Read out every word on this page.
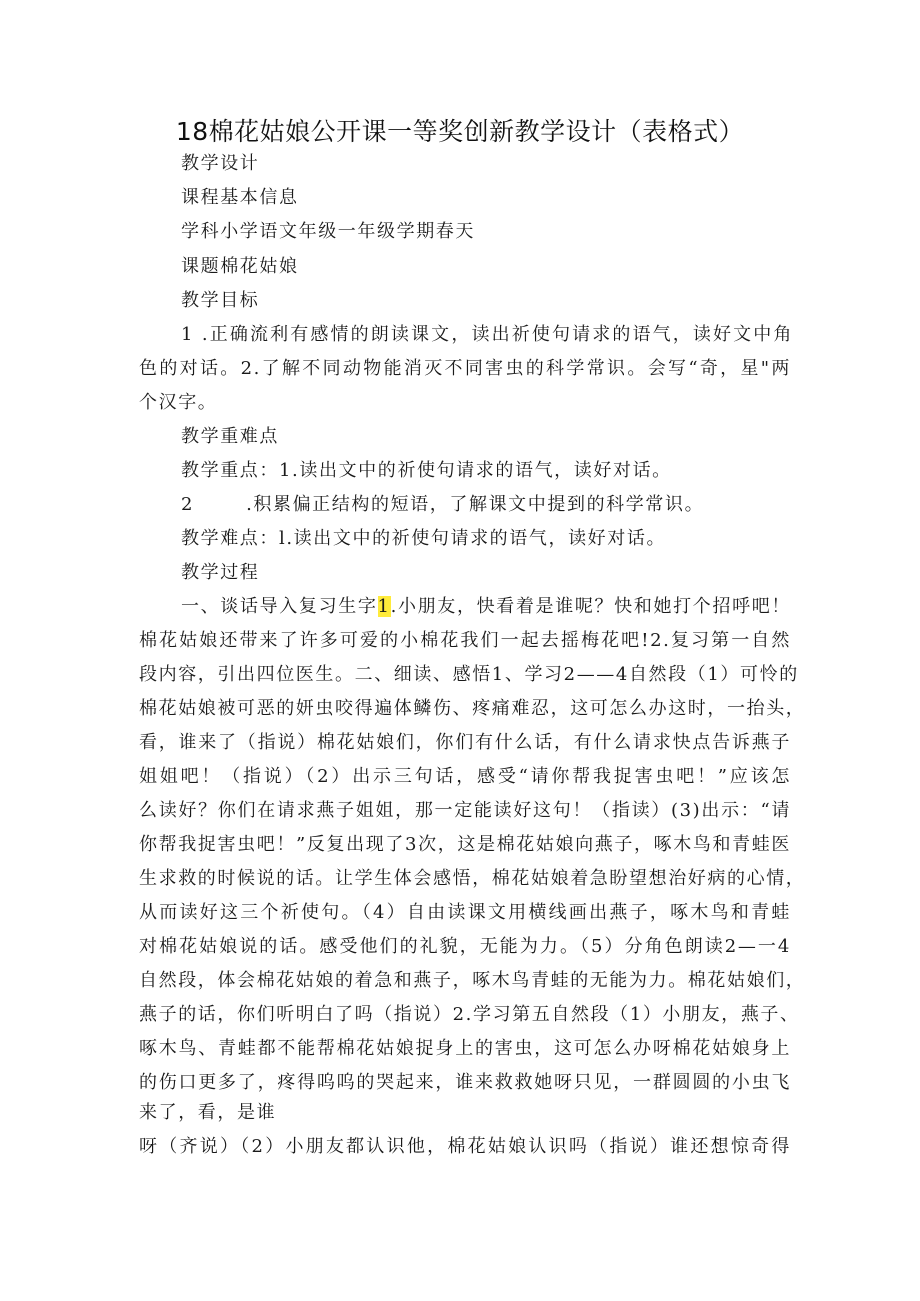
18棉花姑娘公开课一等奖创新教学设计（表格式）
教学设计
课程基本信息
学科小学语文年级一年级学期春天
课题棉花姑娘
教学目标
1 .正确流利有感情的朗读课文，读出祈使句请求的语气，读好文中角
色的对话。2.了解不同动物能消灭不同害虫的科学常识。会写“奇，星"两
个汉字。
教学重难点
教学重点：1.读出文中的祈使句请求的语气，读好对话。
2	.积累偏正结构的短语，了解课文中提到的科学常识。
教学难点：l.读出文中的祈使句请求的语气，读好对话。
教学过程
一、谈话导入复习生字1.小朋友，快看着是谁呢？快和她打个招呼吧！
棉花姑娘还带来了许多可爱的小棉花我们一起去摇梅花吧!2.复习第一自然
段内容，引出四位医生。二、细读、感悟1、学习2——4自然段（1）可怜的
棉花姑娘被可恶的妍虫咬得遍体鳞伤、疼痛难忍，这可怎么办这时，一抬头，
看，谁来了（指说）棉花姑娘们，你们有什么话，有什么请求快点告诉燕子
姐姐吧！（指说）（2）出示三句话，感受“请你帮我捉害虫吧！”应该怎
么读好？你们在请求燕子姐姐，那一定能读好这句！（指读）(3)出示：“请
你帮我捉害虫吧！”反复出现了3次，这是棉花姑娘向燕子，啄木鸟和青蛙医
生求救的时候说的话。让学生体会感悟，棉花姑娘着急盼望想治好病的心情，
从而读好这三个祈使句。（4）自由读课文用横线画出燕子，啄木鸟和青蛙
对棉花姑娘说的话。感受他们的礼貌，无能为力。（5）分角色朗读2—一4
自然段，体会棉花姑娘的着急和燕子，啄木鸟青蛙的无能为力。棉花姑娘们，
燕子的话，你们听明白了吗（指说）2.学习第五自然段（1）小朋友，燕子、
啄木鸟、青蛙都不能帮棉花姑娘捉身上的害虫，这可怎么办呀棉花姑娘身上
的伤口更多了，疼得呜呜的哭起来，谁来救救她呀只见，一群圆圆的小虫飞
来了，看，是谁
呀（齐说）（2）小朋友都认识他，棉花姑娘认识吗（指说）谁还想惊奇得
